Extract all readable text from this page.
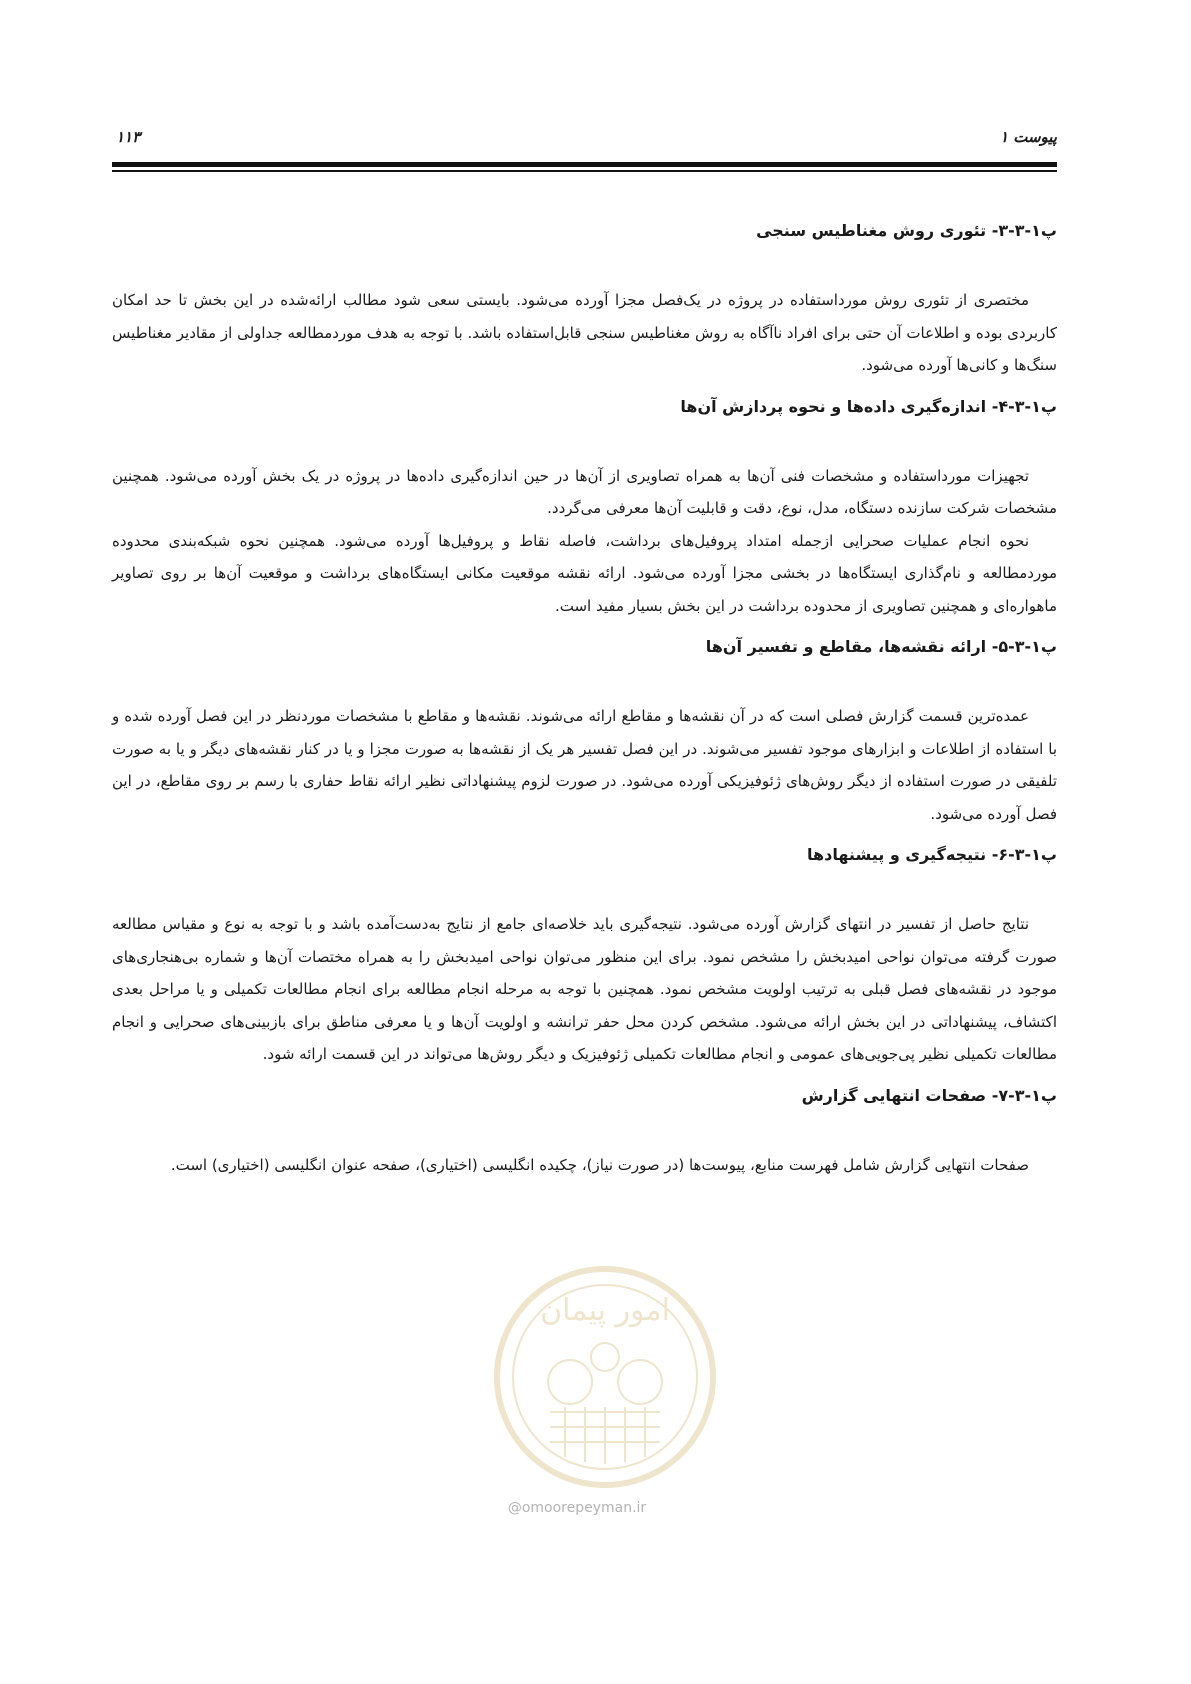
پیوست ۱
۱۱۳
پ۱-۳-۳- تئوری روش مغناطیس سنجی

مختصری از تئوری روش مورداستفاده در پروژه در یک‌فصل مجزا آورده می‌شود. بایستی سعی شود مطالب ارائه‌شده در این بخش تا حد امکان کاربردی بوده و اطلاعات آن حتی برای افراد ناآگاه به روش مغناطیس سنجی قابل‌استفاده باشد. با توجه به هدف موردمطالعه جداولی از مقادیر مغناطیس سنگ‌ها و کانی‌ها آورده می‌شود.

پ۱-۳-۴- اندازه‌گیری داده‌ها و نحوه پردازش آن‌ها

تجهیزات مورداستفاده و مشخصات فنی آن‌ها به همراه تصاویری از آن‌ها در حین اندازه‌گیری داده‌ها در پروژه در یک بخش آورده می‌شود. همچنین مشخصات شرکت سازنده دستگاه، مدل، نوع، دقت و قابلیت آن‌ها معرفی می‌گردد.

نحوه انجام عملیات صحرایی ازجمله امتداد پروفیل‌های برداشت، فاصله نقاط و پروفیل‌ها آورده می‌شود. همچنین نحوه شبکه‌بندی محدوده موردمطالعه و نام‌گذاری ایستگاه‌ها در بخشی مجزا آورده می‌شود. ارائه نقشه موقعیت مکانی ایستگاه‌های برداشت و موقعیت آن‌ها بر روی تصاویر ماهواره‌ای و همچنین تصاویری از محدوده برداشت در این بخش بسیار مفید است.

پ۱-۳-۵- ارائه نقشه‌ها، مقاطع و تفسیر آن‌ها

عمده‌ترین قسمت گزارش فصلی است که در آن نقشه‌ها و مقاطع ارائه می‌شوند. نقشه‌ها و مقاطع با مشخصات موردنظر در این فصل آورده شده و با استفاده از اطلاعات و ابزارهای موجود تفسیر می‌شوند. در این فصل تفسیر هر یک از نقشه‌ها به صورت مجزا و یا در کنار نقشه‌های دیگر و یا به صورت تلفیقی در صورت استفاده از دیگر روش‌های ژئوفیزیکی آورده می‌شود. در صورت لزوم پیشنهاداتی نظیر ارائه نقاط حفاری با رسم بر روی مقاطع، در این فصل آورده می‌شود.

پ۱-۳-۶- نتیجه‌گیری و پیشنهادها

نتایج حاصل از تفسیر در انتهای گزارش آورده می‌شود. نتیجه‌گیری باید خلاصه‌ای جامع از نتایج به‌دست‌آمده باشد و با توجه به نوع و مقیاس مطالعه صورت گرفته می‌توان نواحی امیدبخش را مشخص نمود. برای این منظور می‌توان نواحی امیدبخش را به همراه مختصات آن‌ها و شماره بی‌هنجاری‌های موجود در نقشه‌های فصل قبلی به ترتیب اولویت مشخص نمود. همچنین با توجه به مرحله انجام مطالعه برای انجام مطالعات تکمیلی و یا مراحل بعدی اکتشاف، پیشنهاداتی در این بخش ارائه می‌شود. مشخص کردن محل حفر ترانشه و اولویت آن‌ها و یا معرفی مناطق برای بازبینی‌های صحرایی و انجام مطالعات تکمیلی نظیر پی‌جویی‌های عمومی و انجام مطالعات تکمیلی ژئوفیزیک و دیگر روش‌ها می‌تواند در این قسمت ارائه شود.

پ۱-۳-۷- صفحات انتهایی گزارش

صفحات انتهایی گزارش شامل فهرست منابع، پیوست‌ها (در صورت نیاز)، چکیده انگلیسی (اختیاری)، صفحه عنوان انگلیسی (اختیاری) است.

امور پیمان
@omoorepeyman.ir
